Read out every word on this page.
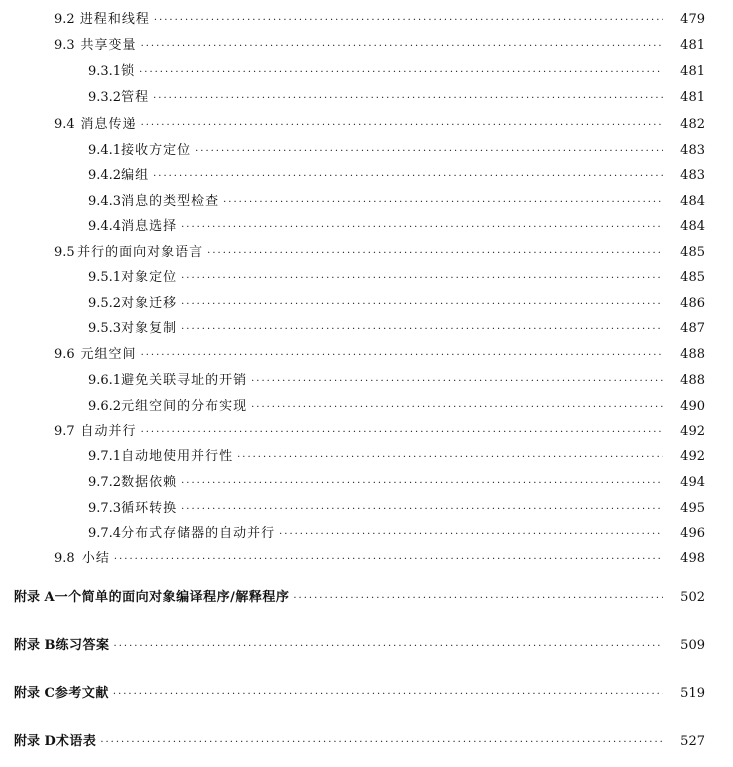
9.2 进程和线程 ·····	479
9.3 共享变量 ·····	481
9.3.1 锁 ·····	481
9.3.2 管程 ·····	481
9.4 消息传递 ·····	482
9.4.1 接收方定位 ·····	483
9.4.2 编组 ·····	483
9.4.3 消息的类型检查 ·····	484
9.4.4 消息选择 ·····	484
9.5 并行的面向对象语言 ·····	485
9.5.1 对象定位 ·····	485
9.5.2 对象迁移 ·····	486
9.5.3 对象复制 ·····	487
9.6 元组空间 ·····	488
9.6.1 避免关联寻址的开销 ·····	488
9.6.2 元组空间的分布实现 ·····	490
9.7 自动并行 ·····	492
9.7.1 自动地使用并行性 ·····	492
9.7.2 数据依赖 ·····	494
9.7.3 循环转换 ·····	495
9.7.4 分布式存储器的自动并行 ·····	496
9.8 小结 ·····	498
附录 A 一个简单的面向对象编译程序/解释程序 ·····	502
附录 B 练习答案 ·····	509
附录 C 参考文献 ·····	519
附录 D 术语表 ·····	527
